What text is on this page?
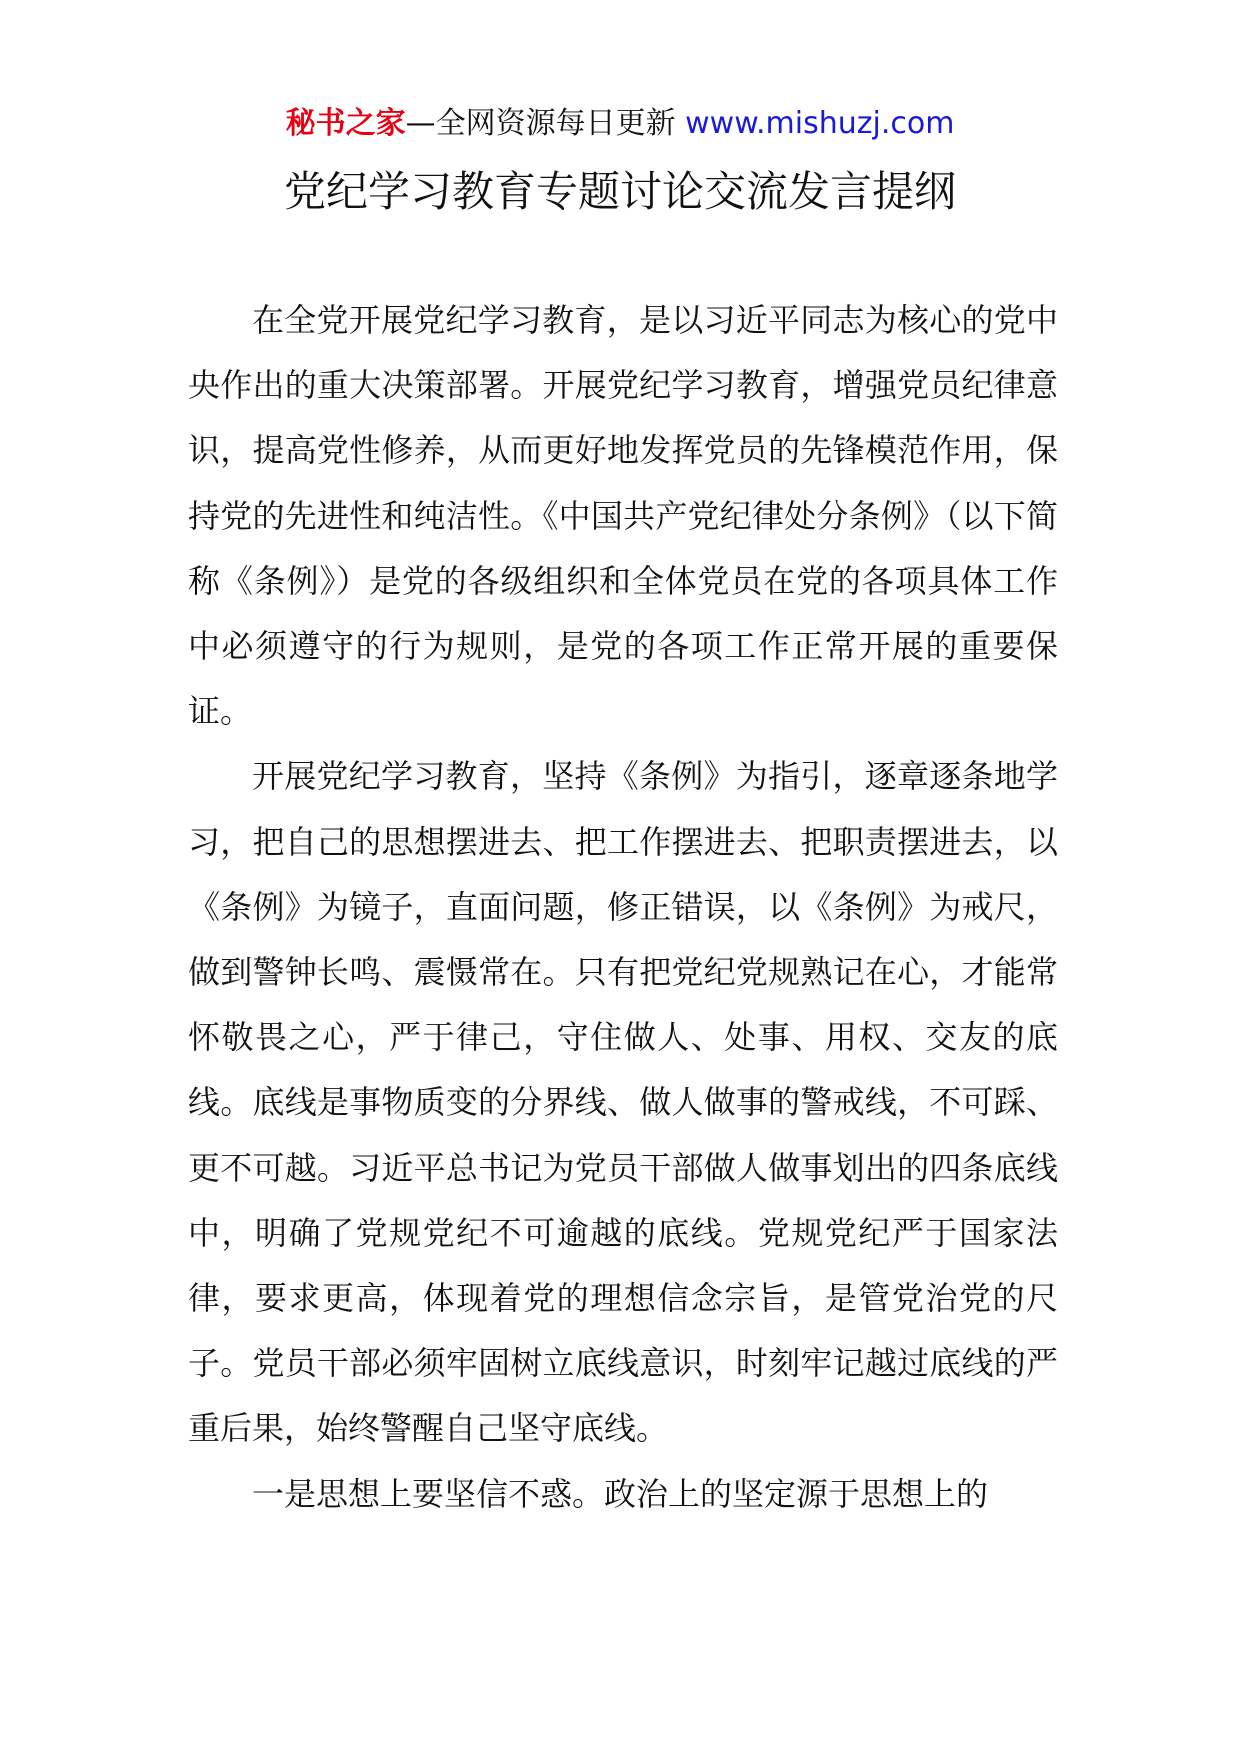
秘书之家—全网资源每日更新 www.mishuzj.com
党纪学习教育专题讨论交流发言提纲

在全党开展党纪学习教育，是以习近平同志为核心的党中央作出的重大决策部署。开展党纪学习教育，增强党员纪律意识，提高党性修养，从而更好地发挥党员的先锋模范作用，保持党的先进性和纯洁性。《中国共产党纪律处分条例》（以下简称《条例》）是党的各级组织和全体党员在党的各项具体工作中必须遵守的行为规则，是党的各项工作正常开展的重要保证。

开展党纪学习教育，坚持《条例》为指引，逐章逐条地学习，把自己的思想摆进去、把工作摆进去、把职责摆进去，以《条例》为镜子，直面问题，修正错误，以《条例》为戒尺，做到警钟长鸣、震慑常在。只有把党纪党规熟记在心，才能常怀敬畏之心，严于律己，守住做人、处事、用权、交友的底线。底线是事物质变的分界线、做人做事的警戒线，不可踩、更不可越。习近平总书记为党员干部做人做事划出的四条底线中，明确了党规党纪不可逾越的底线。党规党纪严于国家法律，要求更高，体现着党的理想信念宗旨，是管党治党的尺子。党员干部必须牢固树立底线意识，时刻牢记越过底线的严重后果，始终警醒自己坚守底线。

一是思想上要坚信不惑。政治上的坚定源于思想上的
